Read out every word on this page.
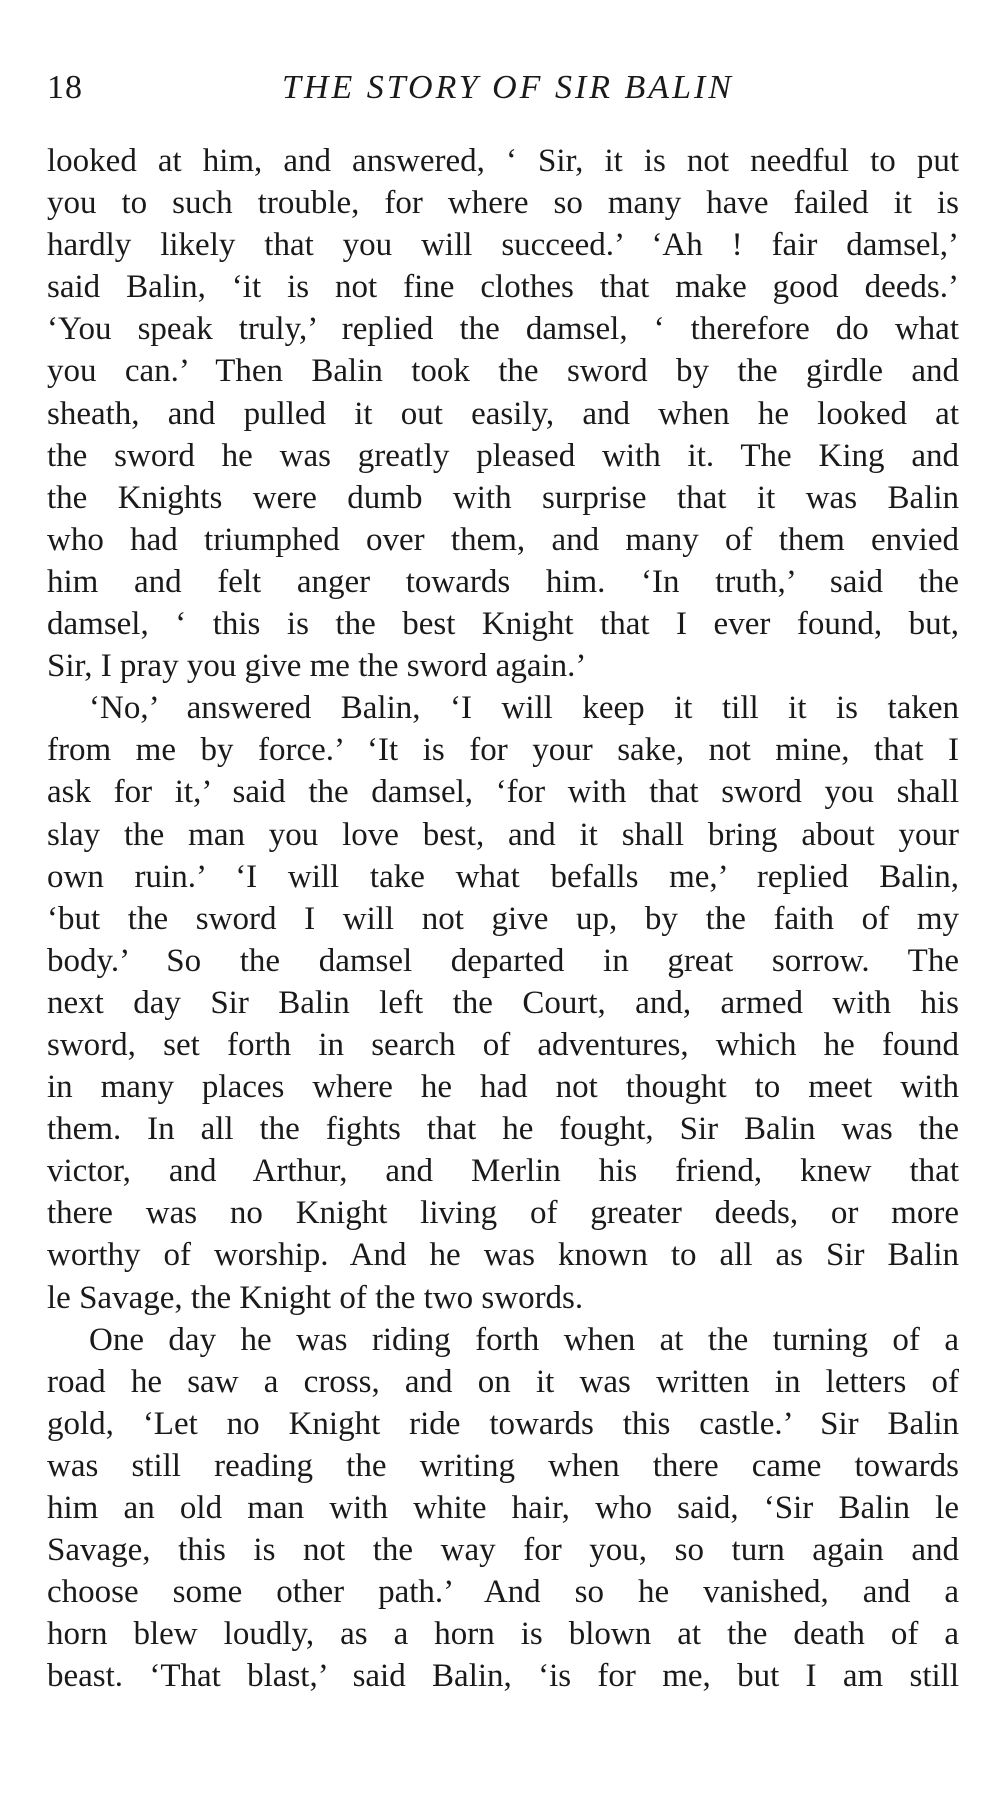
18	THE STORY OF SIR BALIN
looked at him, and answered, ‘ Sir, it is not needful to put
you to such trouble, for where so many have failed it is
hardly likely that you will succeed.’ ‘Ah ! fair damsel,’
said Balin, ‘it is not fine clothes that make good deeds.’
‘You speak truly,’ replied the damsel, ‘ therefore do what
you can.’ Then Balin took the sword by the girdle and
sheath, and pulled it out easily, and when he looked at
the sword he was greatly pleased with it. The King and
the Knights were dumb with surprise that it was Balin
who had triumphed over them, and many of them envied
him and felt anger towards him. ‘In truth,’ said the
damsel, ‘ this is the best Knight that I ever found, but,
Sir, I pray you give me the sword again.’
‘No,’ answered Balin, ‘I will keep it till it is taken
from me by force.’ ‘It is for your sake, not mine, that I
ask for it,’ said the damsel, ‘for with that sword you shall
slay the man you love best, and it shall bring about your
own ruin.’ ‘I will take what befalls me,’ replied Balin,
‘but the sword I will not give up, by the faith of my
body.’ So the damsel departed in great sorrow. The
next day Sir Balin left the Court, and, armed with his
sword, set forth in search of adventures, which he found
in many places where he had not thought to meet with
them. In all the fights that he fought, Sir Balin was the
victor, and Arthur, and Merlin his friend, knew that
there was no Knight living of greater deeds, or more
worthy of worship. And he was known to all as Sir Balin
le Savage, the Knight of the two swords.
One day he was riding forth when at the turning of a
road he saw a cross, and on it was written in letters of
gold, ‘Let no Knight ride towards this castle.’ Sir Balin
was still reading the writing when there came towards
him an old man with white hair, who said, ‘Sir Balin le
Savage, this is not the way for you, so turn again and
choose some other path.’ And so he vanished, and a
horn blew loudly, as a horn is blown at the death of a
beast. ‘That blast,’ said Balin, ‘is for me, but I am still
